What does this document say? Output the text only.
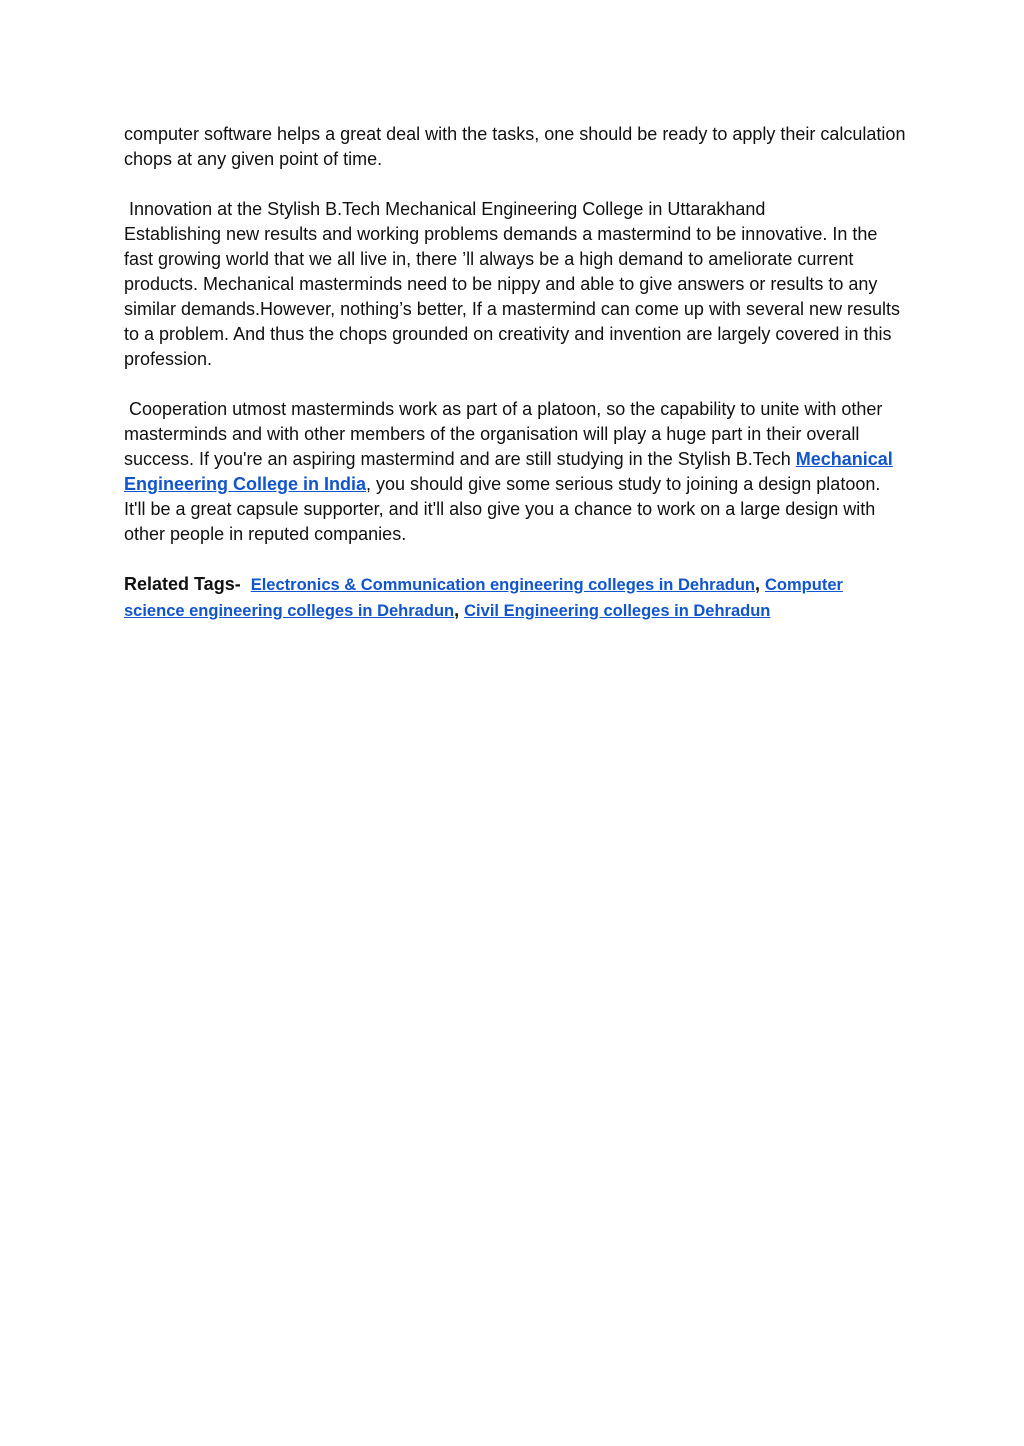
computer software helps a great deal with the tasks, one should be ready to apply their calculation chops at any given point of time.

Innovation at the Stylish B.Tech Mechanical Engineering College in Uttarakhand
Establishing new results and working problems demands a mastermind to be innovative. In the fast growing world that we all live in, there ’ll always be a high demand to ameliorate current products. Mechanical masterminds need to be nippy and able to give answers or results to any similar demands.However, nothing’s better, If a mastermind can come up with several new results to a problem. And thus the chops grounded on creativity and invention are largely covered in this profession.

Cooperation utmost masterminds work as part of a platoon, so the capability to unite with other masterminds and with other members of the organisation will play a huge part in their overall success. If you're an aspiring mastermind and are still studying in the Stylish B.Tech Mechanical Engineering College in India, you should give some serious study to joining a design platoon. It'll be a great capsule supporter, and it'll also give you a chance to work on a large design with other people in reputed companies.

Related Tags- Electronics & Communication engineering colleges in Dehradun, Computer science engineering colleges in Dehradun, Civil Engineering colleges in Dehradun
